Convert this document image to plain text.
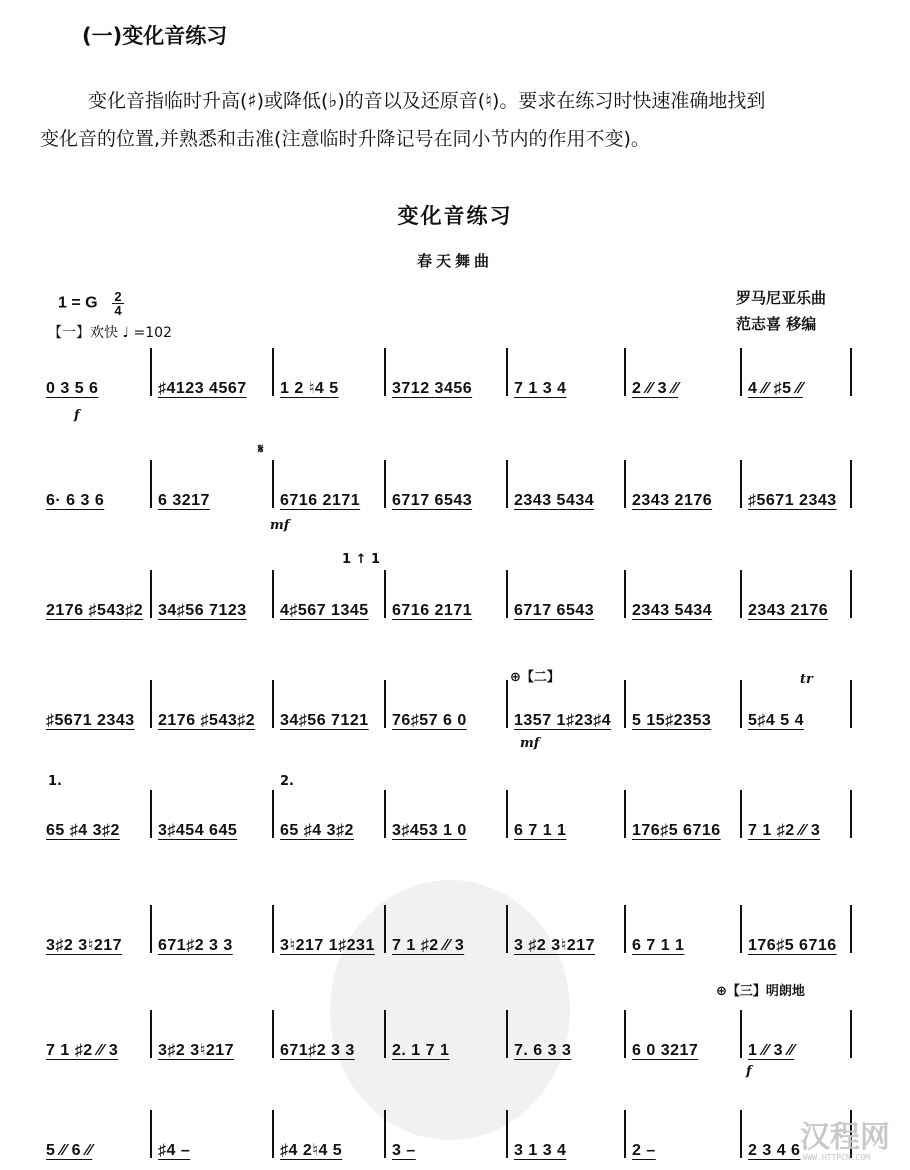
(一)变化音练习
变化音指临时升高(♯)或降低(♭)的音以及还原音(♮)。要求在练习时快速准确地找到
变化音的位置,并熟悉和击准(注意临时升降记号在同小节内的作用不变)。
变化音练习
春天舞曲
1 = G $\frac{2}{4}$
【一】欢快 ♩ =102
罗马尼亚乐曲
范志喜 移编
0 3 5 6	♯4123 4567 1 2 ♮4 5	3712 3456	7 1 3 4	2 ⁄⁄ 3 ⁄⁄	4 ⁄⁄ ♯5 ⁄⁄
f
6· 6 3 6	6 3217	6716 2171 6717 6543	2343 5434 2343 2176 ♯5671 2343
𝄋
mf
2176 ♯543♯2 34♯56 7123 4♯567 1345 6716 2171	6717 6543 2343 5434 2343 2176
1 ↑ 1
♯5671 2343 2176 ♯543♯2 34♯56 7121 76♯57 6 0	1357 1♯23♯4 5 15♯2353 5♯4 5 4
⊕【二】
mf
tr
65 ♯4 3♯2 3♯454 645	65 ♯4 3♯2 3♯453 1 0	6 7 1 1	176♯5 6716 7 1 ♯2 ⁄⁄ 3
1.	2.
3♯2 3♮217 671♯2 3 3	3♮217 1♯231 7 1 ♯2 ⁄⁄ 3	3 ♯2 3♮217 6 7 1 1	176♯5 6716
7 1 ♯2 ⁄⁄ 3 3♯2 3♮217	671♯2 3 3 2. 1 7 1	7. 6 3 3	6 0 3217	1 ⁄⁄ 3 ⁄⁄
⊕【三】明朗地
f
5 ⁄⁄ 6 ⁄⁄	♯4 –	♯4 2♮4 5	3 –	3 1 3 4	2 –	2 3 4 6 汉程网
WWW.HTTPCN.COM
